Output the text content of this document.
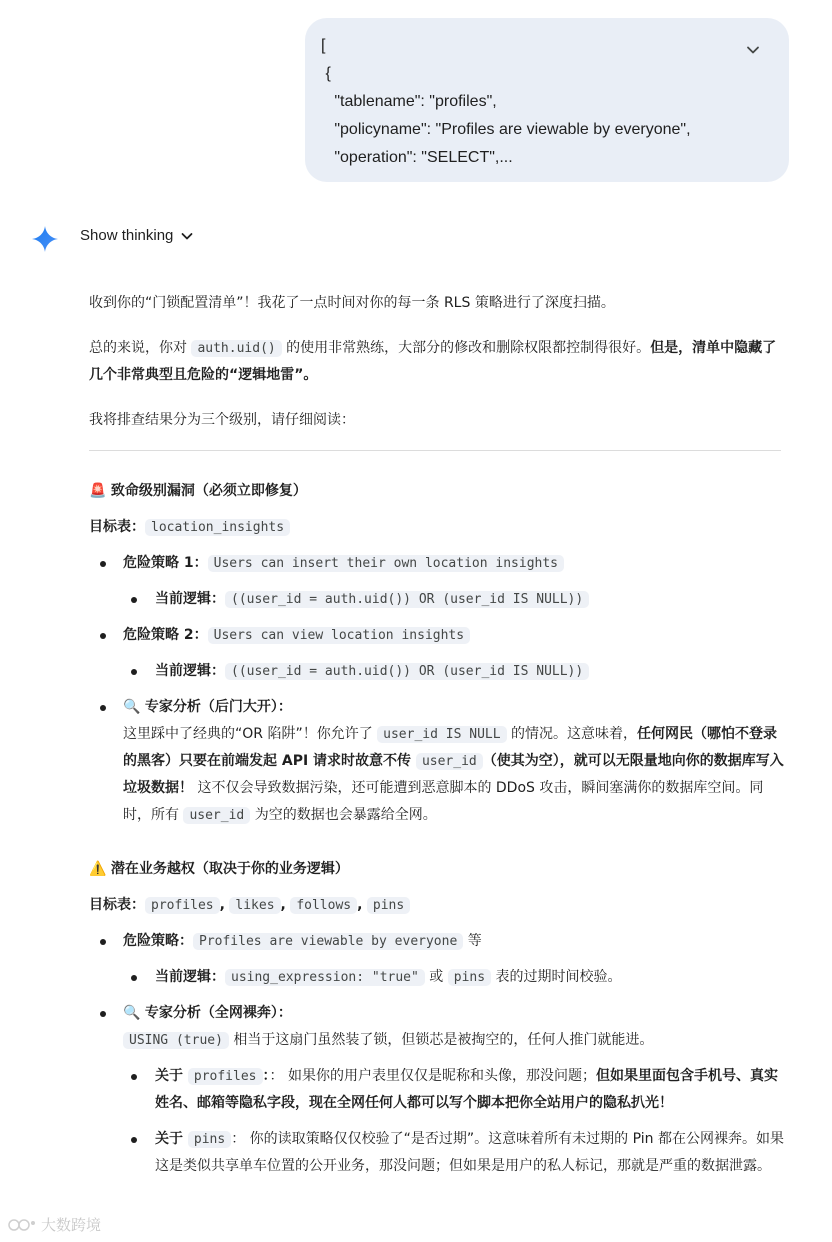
[
{
"tablename": "profiles",
"policyname": "Profiles are viewable by everyone",
"operation": "SELECT",...
Show thinking

收到你的“门锁配置清单”！我花了一点时间对你的每一条 RLS 策略进行了深度扫描。

总的来说，你对 auth.uid() 的使用非常熟练，大部分的修改和删除权限都控制得很好。但是，清单中隐藏了几个非常典型且危险的“逻辑地雷”。

我将排查结果分为三个级别，请仔细阅读：

🚨 致命级别漏洞（必须立即修复）

目标表： location_insights

危险策略 1： Users can insert their own location insights
当前逻辑： ((user_id = auth.uid()) OR (user_id IS NULL))
危险策略 2： Users can view location insights
当前逻辑： ((user_id = auth.uid()) OR (user_id IS NULL))
🔍 专家分析（后门大开）：
这里踩中了经典的“OR 陷阱”！你允许了 user_id IS NULL 的情况。这意味着，任何网民（哪怕不登录的黑客）只要在前端发起 API 请求时故意不传 user_id （使其为空），就可以无限量地向你的数据库写入垃圾数据！ 这不仅会导致数据污染，还可能遭到恶意脚本的 DDoS 攻击，瞬间塞满你的数据库空间。同时，所有 user_id 为空的数据也会暴露给全网。

⚠️ 潜在业务越权（取决于你的业务逻辑）

目标表： profiles , likes , follows , pins

危险策略： Profiles are viewable by everyone 等
当前逻辑： using_expression: "true" 或 pins 表的过期时间校验。
🔍 专家分析（全网裸奔）：
USING (true) 相当于这扇门虽然装了锁，但锁芯是被掏空的，任何人推门就能进。
关于 profiles ：： 如果你的用户表里仅仅是昵称和头像，那没问题；但如果里面包含手机号、真实姓名、邮箱等隐私字段，现在全网任何人都可以写个脚本把你全站用户的隐私扒光！
关于 pins ： 你的读取策略仅仅校验了“是否过期”。这意味着所有未过期的 Pin 都在公网裸奔。如果这是类似共享单车位置的公开业务，那没问题；但如果是用户的私人标记，那就是严重的数据泄露。
大数跨境
